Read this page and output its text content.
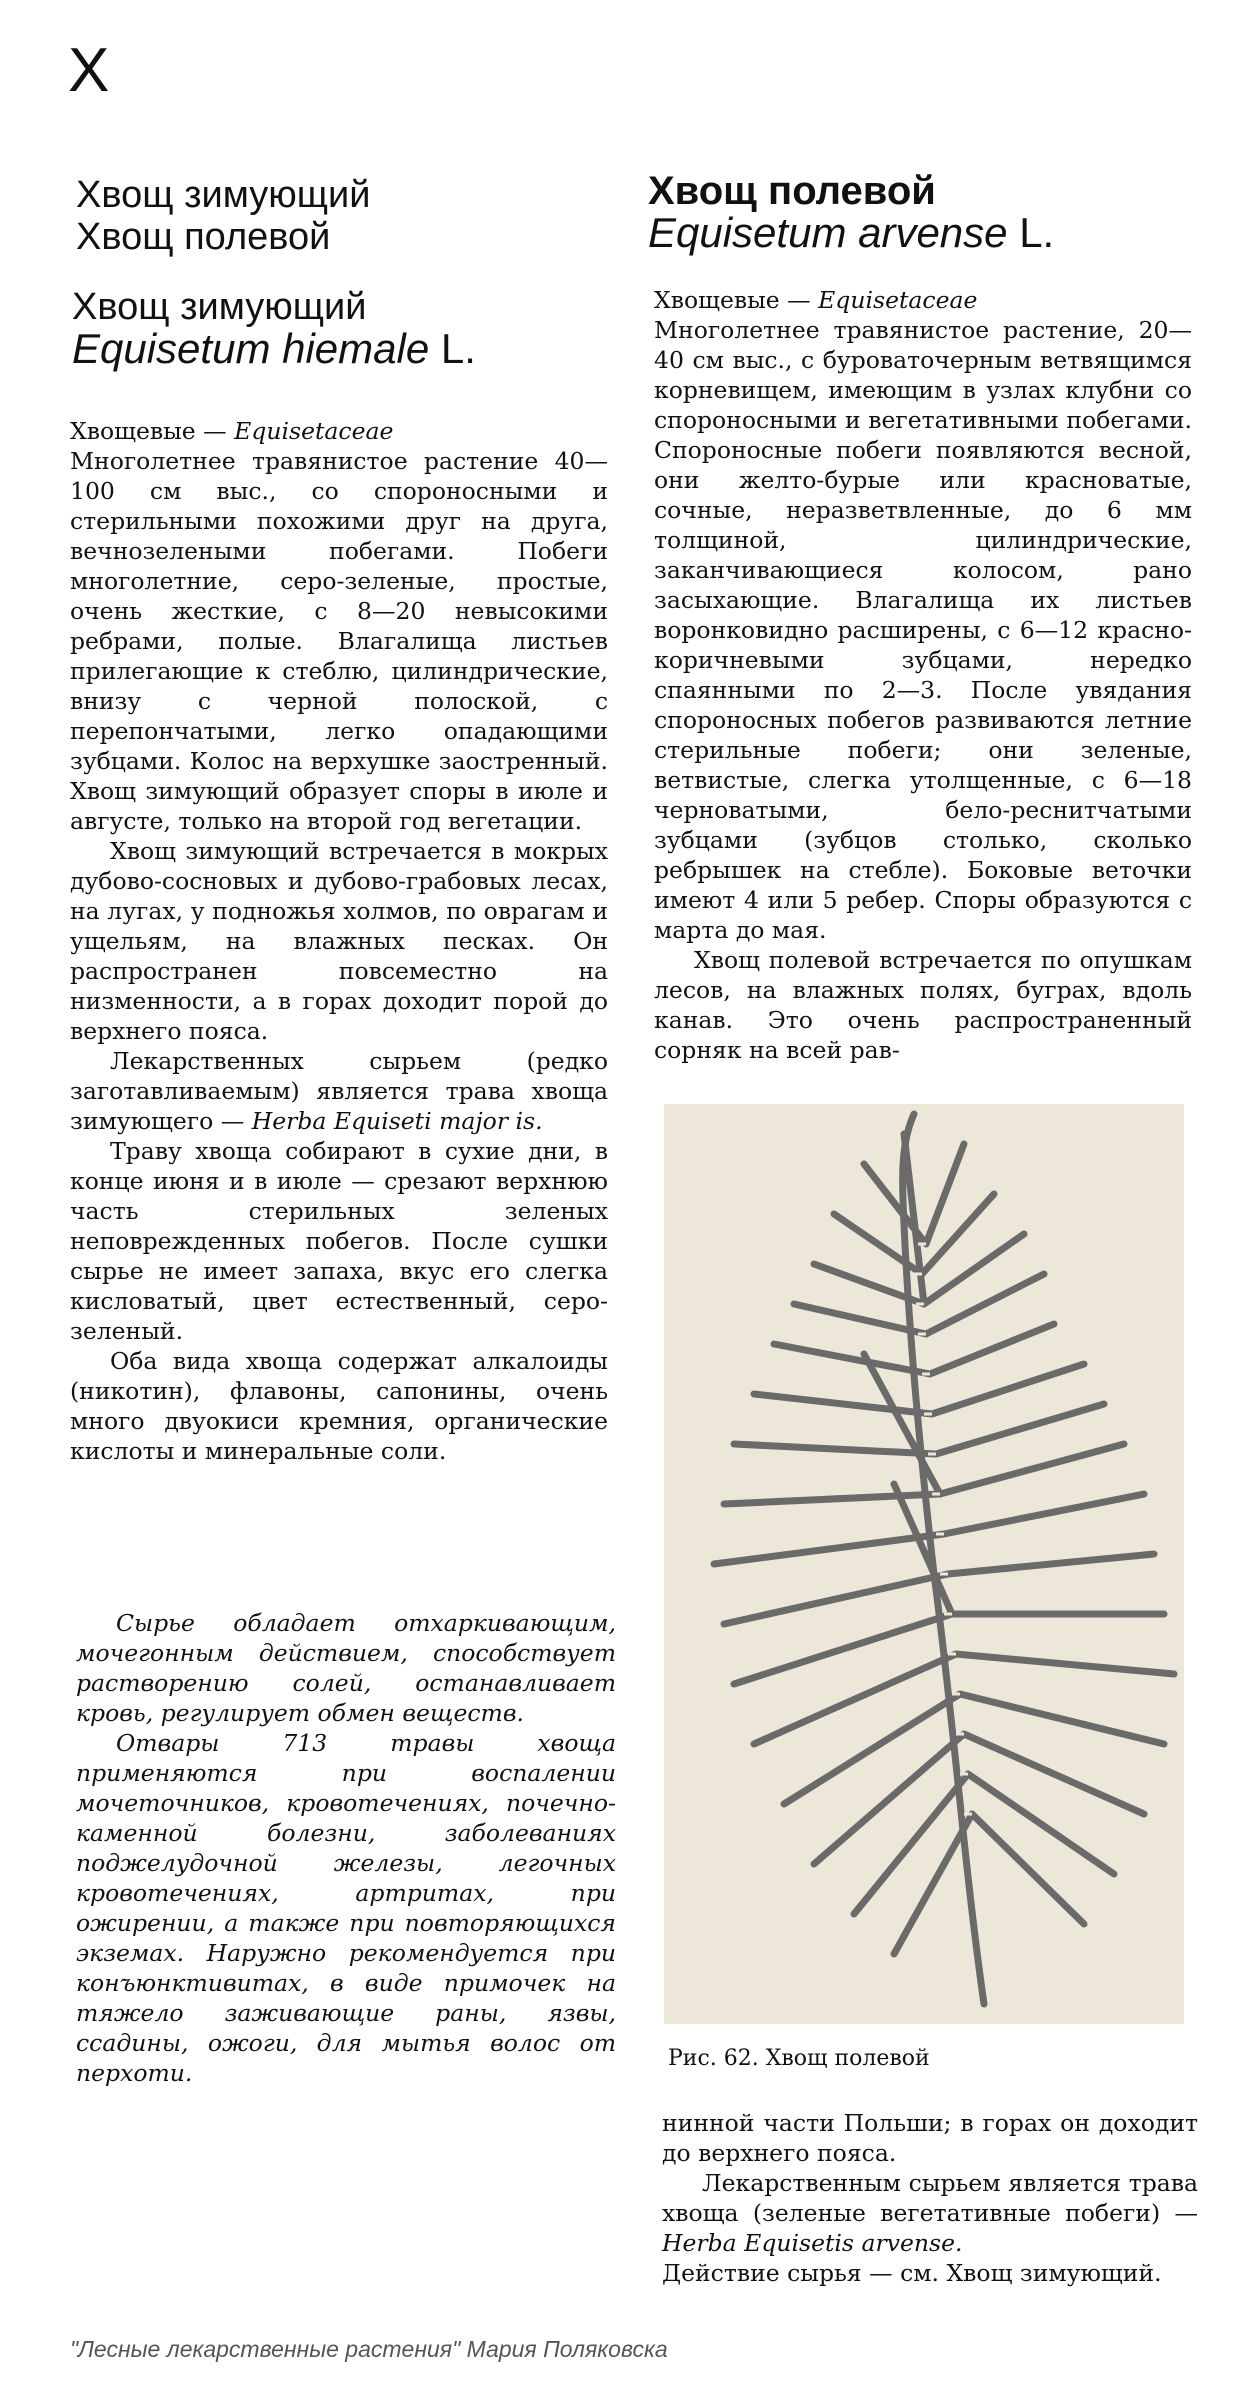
Х
Хвощ зимующий
Хвощ полевой
Хвощ зимующий
Equisetum hiemale L.
Хвощ полевой
Equisetum arvense L.

Хвощевые — Equisetaceae

Многолетнее травянистое растение 40—100 см выс., со спороносными и стерильными похожими друг на друга, вечнозелеными побегами. Побеги многолетние, серо-зеленые, простые, очень жесткие, с 8—20 невысокими ребрами, полые. Влагалища листьев прилегающие к стеблю, цилиндрические, внизу с черной полоской, с перепончатыми, легко опадающими зубцами. Колос на верхушке заостренный. Хвощ зимующий образует споры в июле и августе, только на второй год вегетации.

Хвощ зимующий встречается в мокрых дубово-сосновых и дубово-грабовых лесах, на лугах, у подножья холмов, по оврагам и ущельям, на влажных песках. Он распространен повсеместно на низменности, а в горах доходит порой до верхнего пояса.

Лекарственных сырьем (редко заготавливаемым) является трава хвоща зимующего — Herba Equiseti major is.

Траву хвоща собирают в сухие дни, в конце июня и в июле — срезают верхнюю часть стерильных зеленых неповрежденных побегов. После сушки сырье не имеет запаха, вкус его слегка кисловатый, цвет естественный, серо-зеленый.

Оба вида хвоща содержат алкалоиды (никотин), флавоны, сапонины, очень много двуокиси кремния, органические кислоты и минеральные соли.

Сырье обладает отхаркивающим, мочегонным действием, способствует растворению солей, останавливает кровь, регулирует обмен веществ.

Отвары 713 травы хвоща применяются при воспалении мочеточников, кровотечениях, почечно-каменной болезни, заболеваниях поджелудочной железы, легочных кровотечениях, артритах, при ожирении, а также при повторяющихся экземах. Наружно рекомендуется при конъюнктивитах, в виде примочек на тяжело заживающие раны, язвы, ссадины, ожоги, для мытья волос от перхоти.

Хвощевые — Equisetaceae

Многолетнее травянистое растение, 20—40 см выс., с буроваточерным ветвящимся корневищем, имеющим в узлах клубни со спороносными и вегетативными побегами. Спороносные побеги появляются весной, они желто-бурые или красноватые, сочные, неразветвленные, до 6 мм толщиной, цилиндрические, заканчивающиеся колосом, рано засыхающие. Влагалища их листьев воронковидно расширены, с 6—12 красно-коричневыми зубцами, нередко спаянными по 2—3. После увядания спороносных побегов развиваются летние стерильные побеги; они зеленые, ветвистые, слегка утолщенные, с 6—18 черноватыми, бело-реснитчатыми зубцами (зубцов столько, сколько ребрышек на стебле). Боковые веточки имеют 4 или 5 ребер. Споры образуются с марта до мая.

Хвощ полевой встречается по опушкам лесов, на влажных полях, буграх, вдоль канав. Это очень распространенный сорняк на всей рав-

Рис. 62. Хвощ полевой

нинной части Польши; в горах он доходит до верхнего пояса.

Лекарственным сырьем является трава хвоща (зеленые вегетативные побеги) — Herba Equisetis arvense.

Действие сырья — см. Хвощ зимующий.

"Лесные лекарственные растения" Мария Поляковска
